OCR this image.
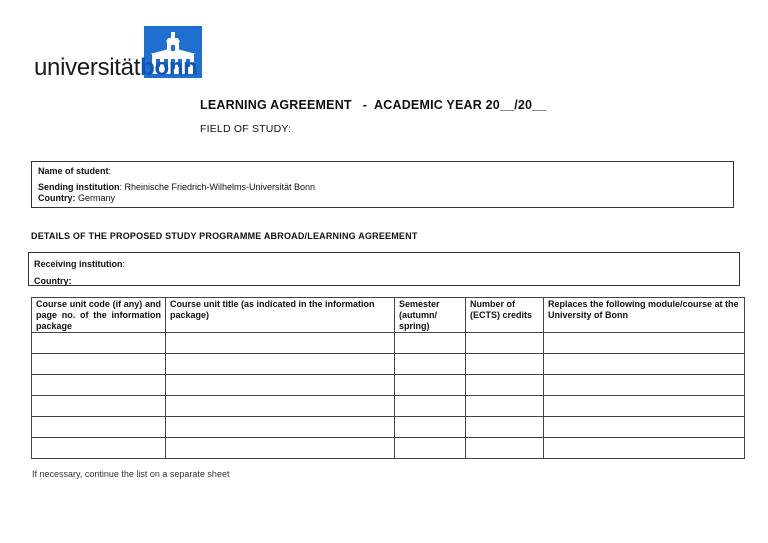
universitätbonn
LEARNING AGREEMENT   -  ACADEMIC YEAR 20__/20__
FIELD OF STUDY:
Name of student:
Sending institution: Rheinische Friedrich-Wilhelms-Universität Bonn
Country: Germany
DETAILS OF THE PROPOSED STUDY PROGRAMME ABROAD/LEARNING AGREEMENT
Receiving institution:
Country:
Course unit code (if any) and page no. of the information package	Course unit title (as indicated in the information package)	Semester (autumn/ spring)	Number of (ECTS) credits	Replaces the following module/course at the University of Bonn

If necessary, continue the list on a separate sheet
